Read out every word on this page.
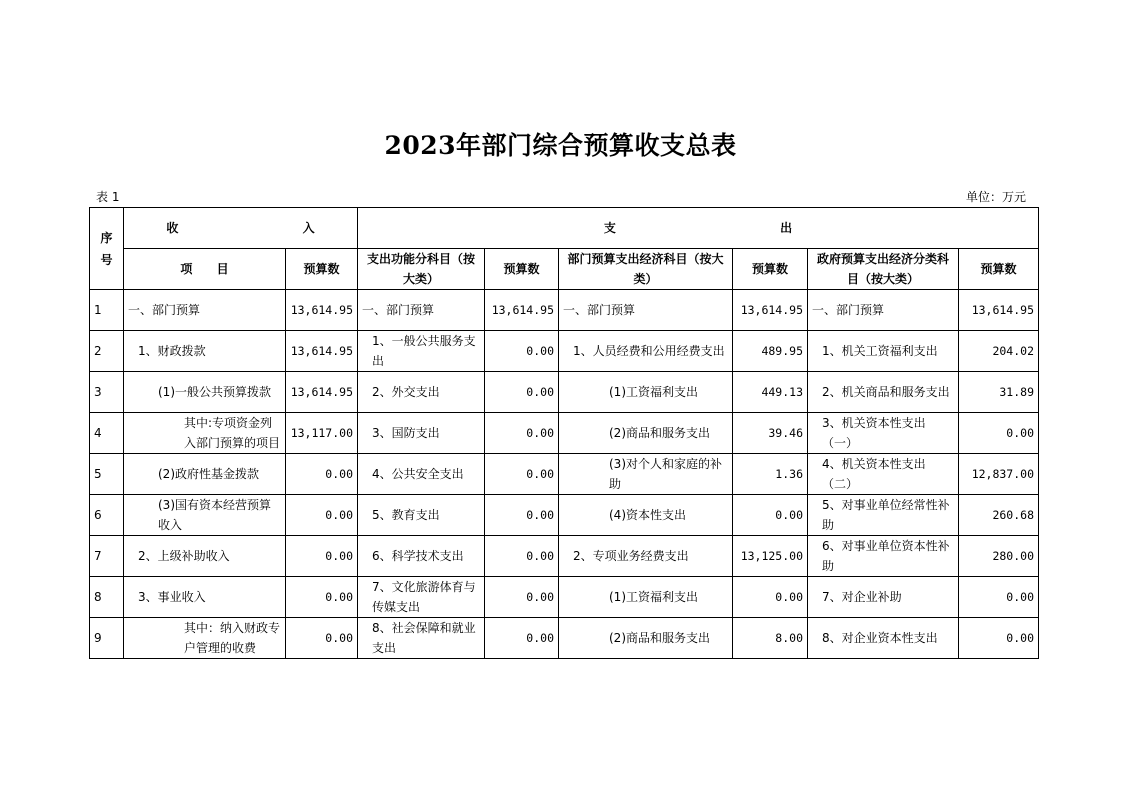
2023年部门综合预算收支总表
表 1	单位：万元
序号	收 入		支 出					
	项 目	预算数	支出功能分科目（按大类）	预算数	部门预算支出经济科目（按大类）	预算数	政府预算支出经济分类科目（按大类）	预算数
1	一、部门预算	13,614.95	一、部门预算	13,614.95	一、部门预算	13,614.95	一、部门预算	13,614.95
2	1、财政拨款	13,614.95	1、一般公共服务支出	0.00	1、人员经费和公用经费支出	489.95	1、机关工资福利支出	204.02
3	(1)一般公共预算拨款	13,614.95	2、外交支出	0.00	(1)工资福利支出	449.13	2、机关商品和服务支出	31.89
4	其中:专项资金列入部门预算的项目	13,117.00	3、国防支出	0.00	(2)商品和服务支出	39.46	3、机关资本性支出（一）	0.00
5	(2)政府性基金拨款	0.00	4、公共安全支出	0.00	(3)对个人和家庭的补助	1.36	4、机关资本性支出（二）	12,837.00
6	(3)国有资本经营预算收入	0.00	5、教育支出	0.00	(4)资本性支出	0.00	5、对事业单位经常性补助	260.68
7	2、上级补助收入	0.00	6、科学技术支出	0.00	2、专项业务经费支出	13,125.00	6、对事业单位资本性补助	280.00
8	3、事业收入	0.00	7、文化旅游体育与传媒支出	0.00	(1)工资福利支出	0.00	7、对企业补助	0.00
9	其中：纳入财政专户管理的收费	0.00	8、社会保障和就业支出	0.00	(2)商品和服务支出	8.00	8、对企业资本性支出	0.00
